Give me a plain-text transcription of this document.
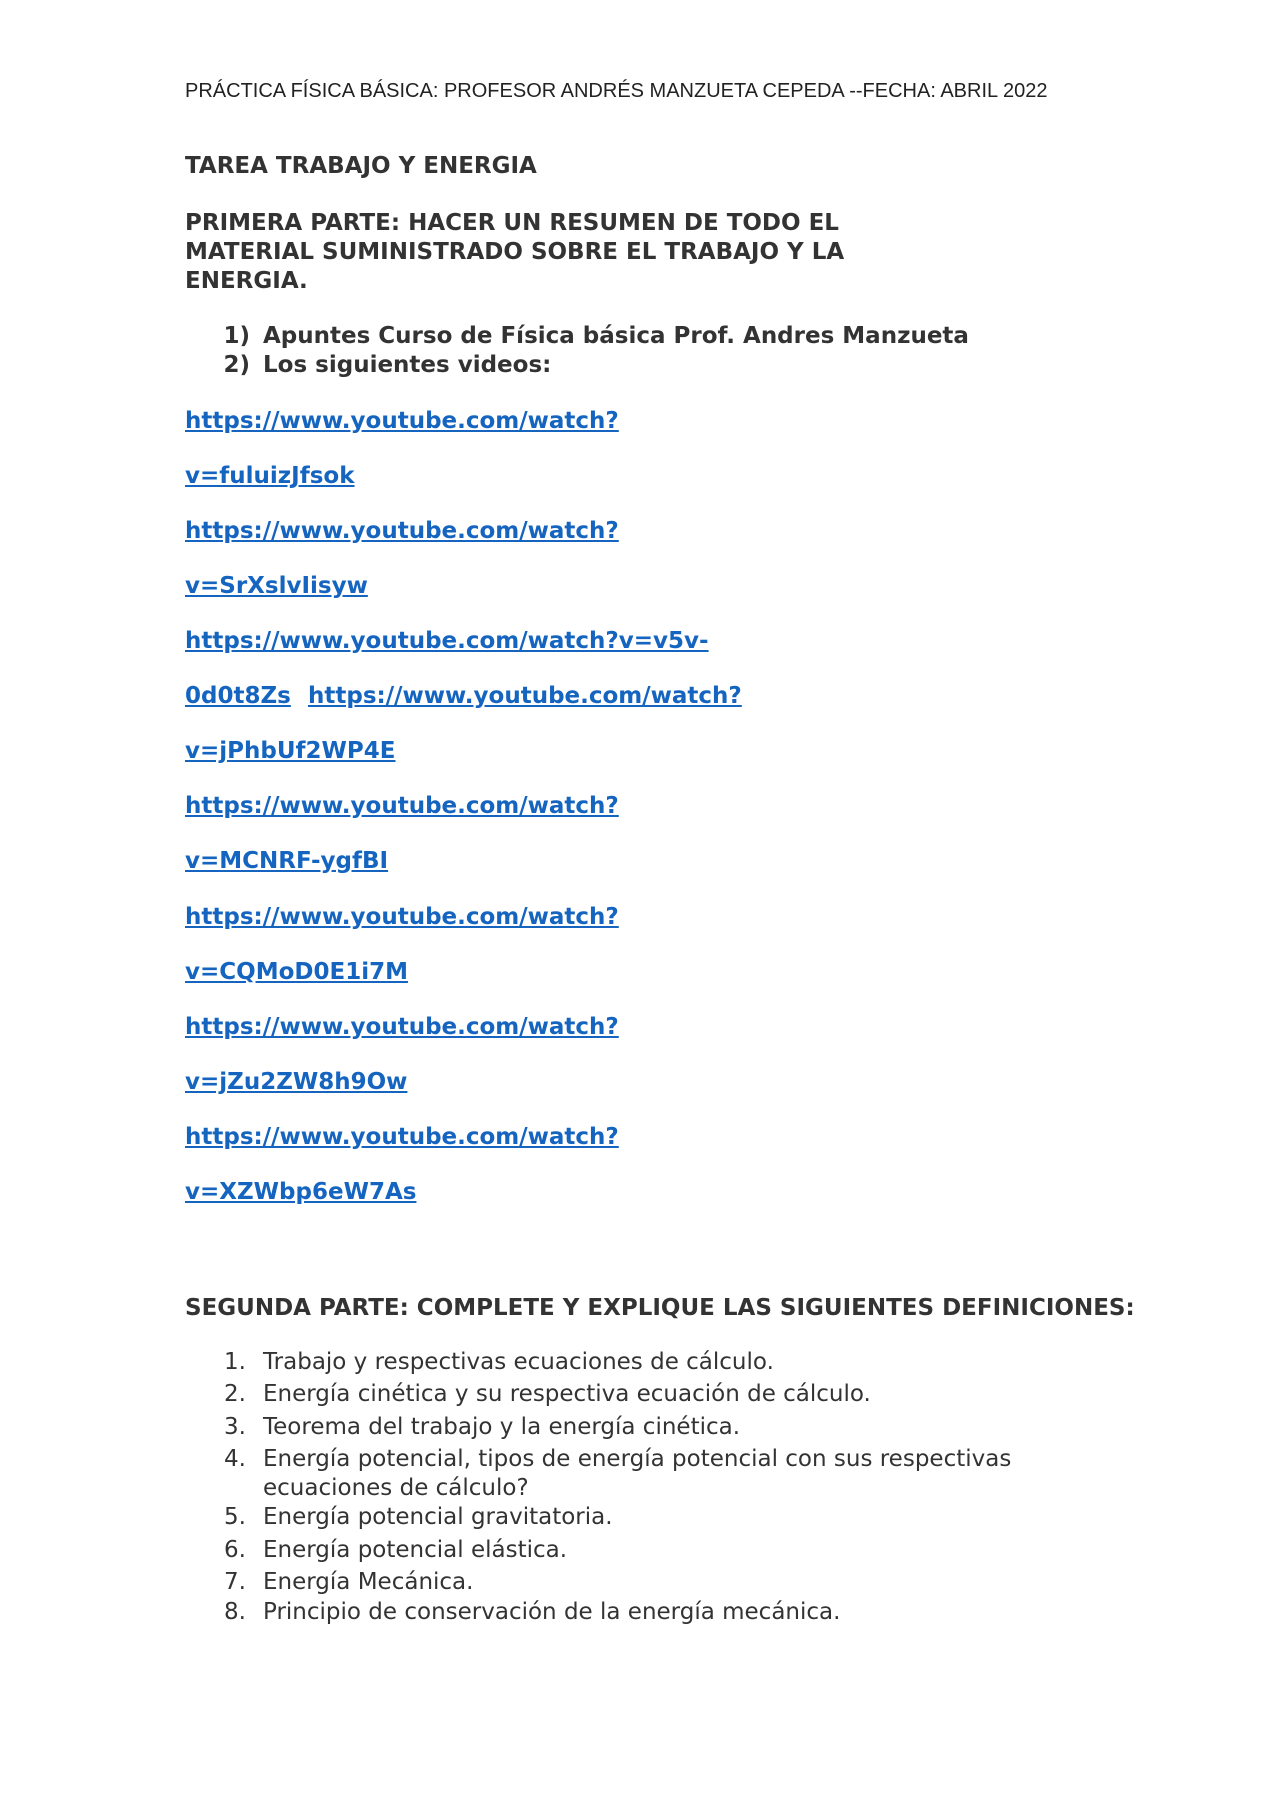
PRÁCTICA FÍSICA BÁSICA: PROFESOR ANDRÉS MANZUETA CEPEDA --FECHA: ABRIL 2022
TAREA TRABAJO Y ENERGIA
PRIMERA PARTE: HACER UN RESUMEN DE TODO EL
MATERIAL SUMINISTRADO SOBRE EL TRABAJO Y LA
ENERGIA.
1) Apuntes Curso de Física básica Prof. Andres Manzueta
2) Los siguientes videos:
https://www.youtube.com/watch?
v=fuluizJfsok
https://www.youtube.com/watch?
v=SrXslvIisyw
https://www.youtube.com/watch?v=v5v-
0d0t8Zs https://www.youtube.com/watch?
v=jPhbUf2WP4E
https://www.youtube.com/watch?
v=MCNRF-ygfBI
https://www.youtube.com/watch?
v=CQMoD0E1i7M
https://www.youtube.com/watch?
v=jZu2ZW8h9Ow
https://www.youtube.com/watch?
v=XZWbp6eW7As
SEGUNDA PARTE: COMPLETE Y EXPLIQUE LAS SIGUIENTES DEFINICIONES:
1. Trabajo y respectivas ecuaciones de cálculo.
2. Energía cinética y su respectiva ecuación de cálculo.
3. Teorema del trabajo y la energía cinética.
4. Energía potencial, tipos de energía potencial con sus respectivas
ecuaciones de cálculo?
5. Energía potencial gravitatoria.
6. Energía potencial elástica.
7. Energía Mecánica.
8. Principio de conservación de la energía mecánica.
